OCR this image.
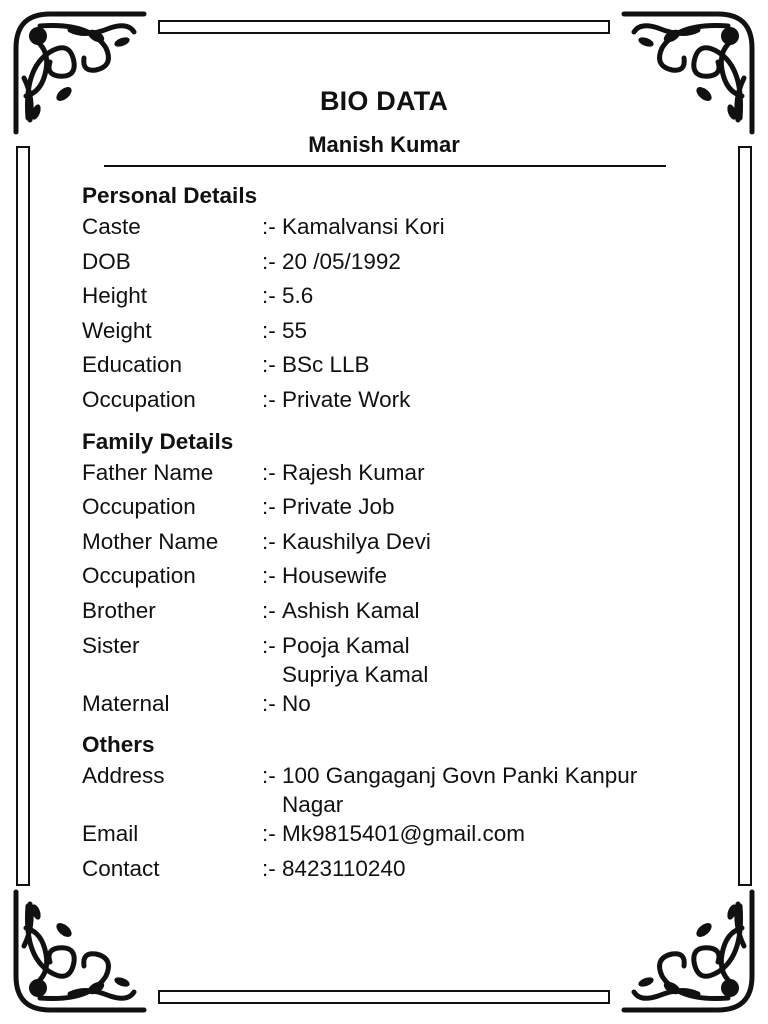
BIO DATA
Manish Kumar
Personal Details
Caste	:- Kamalvansi Kori
DOB	:- 20 /05/1992
Height	:- 5.6
Weight	:- 55
Education	:- BSc LLB
Occupation	:- Private Work
Family Details
Father Name	:- Rajesh Kumar
Occupation	:- Private Job
Mother Name	:- Kaushilya Devi
Occupation	:- Housewife
Brother	:- Ashish Kamal
Sister	:- Pooja Kamal
Supriya Kamal
Maternal	:- No
Others
Address	:- 100 Gangaganj Govn Panki Kanpur
Nagar
Email	:- Mk9815401@gmail.com
Contact	:- 8423110240
